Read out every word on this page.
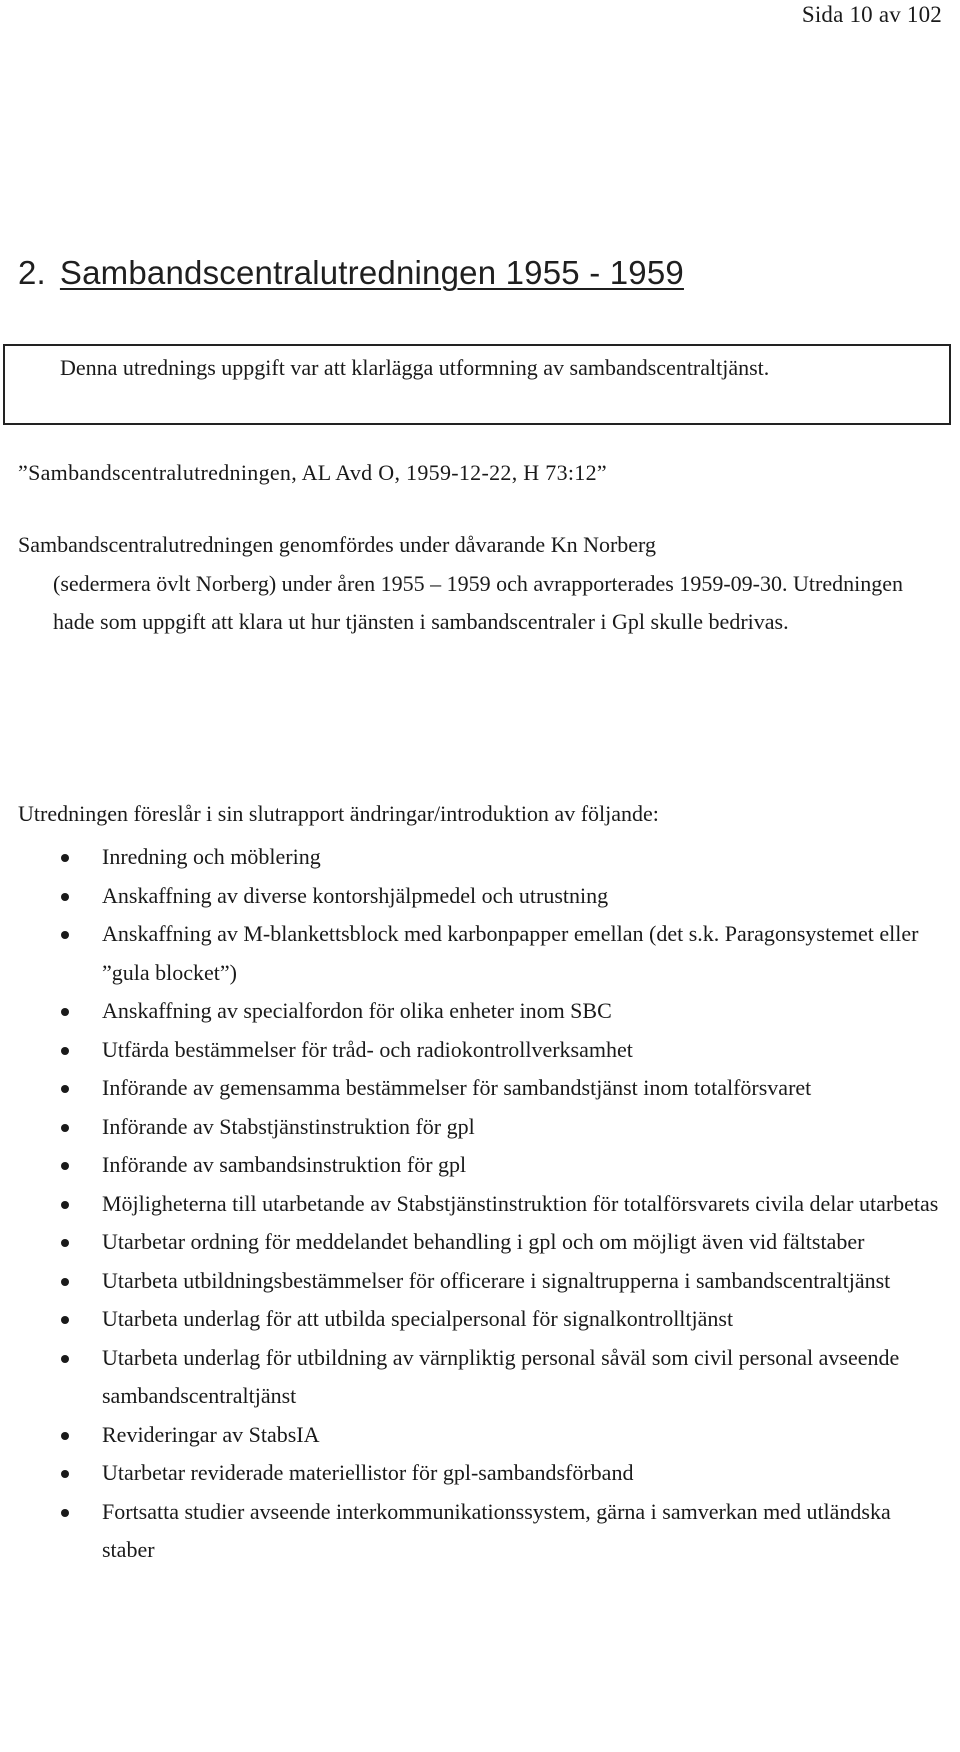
Sida 10 av 102
2. Sambandscentralutredningen 1955 - 1959
Denna utrednings uppgift var att klarlägga utformning av sambandscentraltjänst.
”Sambandscentralutredningen, AL Avd O, 1959-12-22, H 73:12”
Sambandscentralutredningen genomfördes under dåvarande Kn Norberg
(sedermera övlt Norberg) under åren 1955 – 1959 och avrapporterades 1959-09-30. Utredningen hade som uppgift att klara ut hur tjänsten i sambandscentraler i Gpl skulle bedrivas.
Utredningen föreslår i sin slutrapport ändringar/introduktion av följande:
Inredning och möblering
Anskaffning av diverse kontorshjälpmedel och utrustning
Anskaffning av M-blankettsblock med karbonpapper emellan (det s.k. Paragonsystemet eller ”gula blocket”)
Anskaffning av specialfordon för olika enheter inom SBC
Utfärda bestämmelser för tråd- och radiokontrollverksamhet
Införande av gemensamma bestämmelser för sambandstjänst inom totalförsvaret
Införande av Stabstjänstinstruktion för gpl
Införande av sambandsinstruktion för gpl
Möjligheterna till utarbetande av Stabstjänstinstruktion för totalförsvarets civila delar utarbetas
Utarbetar ordning för meddelandet behandling i gpl och om möjligt även vid fältstaber
Utarbeta utbildningsbestämmelser för officerare i signaltrupperna i sambandscentraltjänst
Utarbeta underlag för att utbilda specialpersonal för signalkontrolltjänst
Utarbeta underlag för utbildning av värnpliktig personal såväl som civil personal avseende sambandscentraltjänst
Revideringar av StabsIA
Utarbetar reviderade materiellistor för gpl-sambandsförband
Fortsatta studier avseende interkommunikationssystem, gärna i samverkan med utländska staber
